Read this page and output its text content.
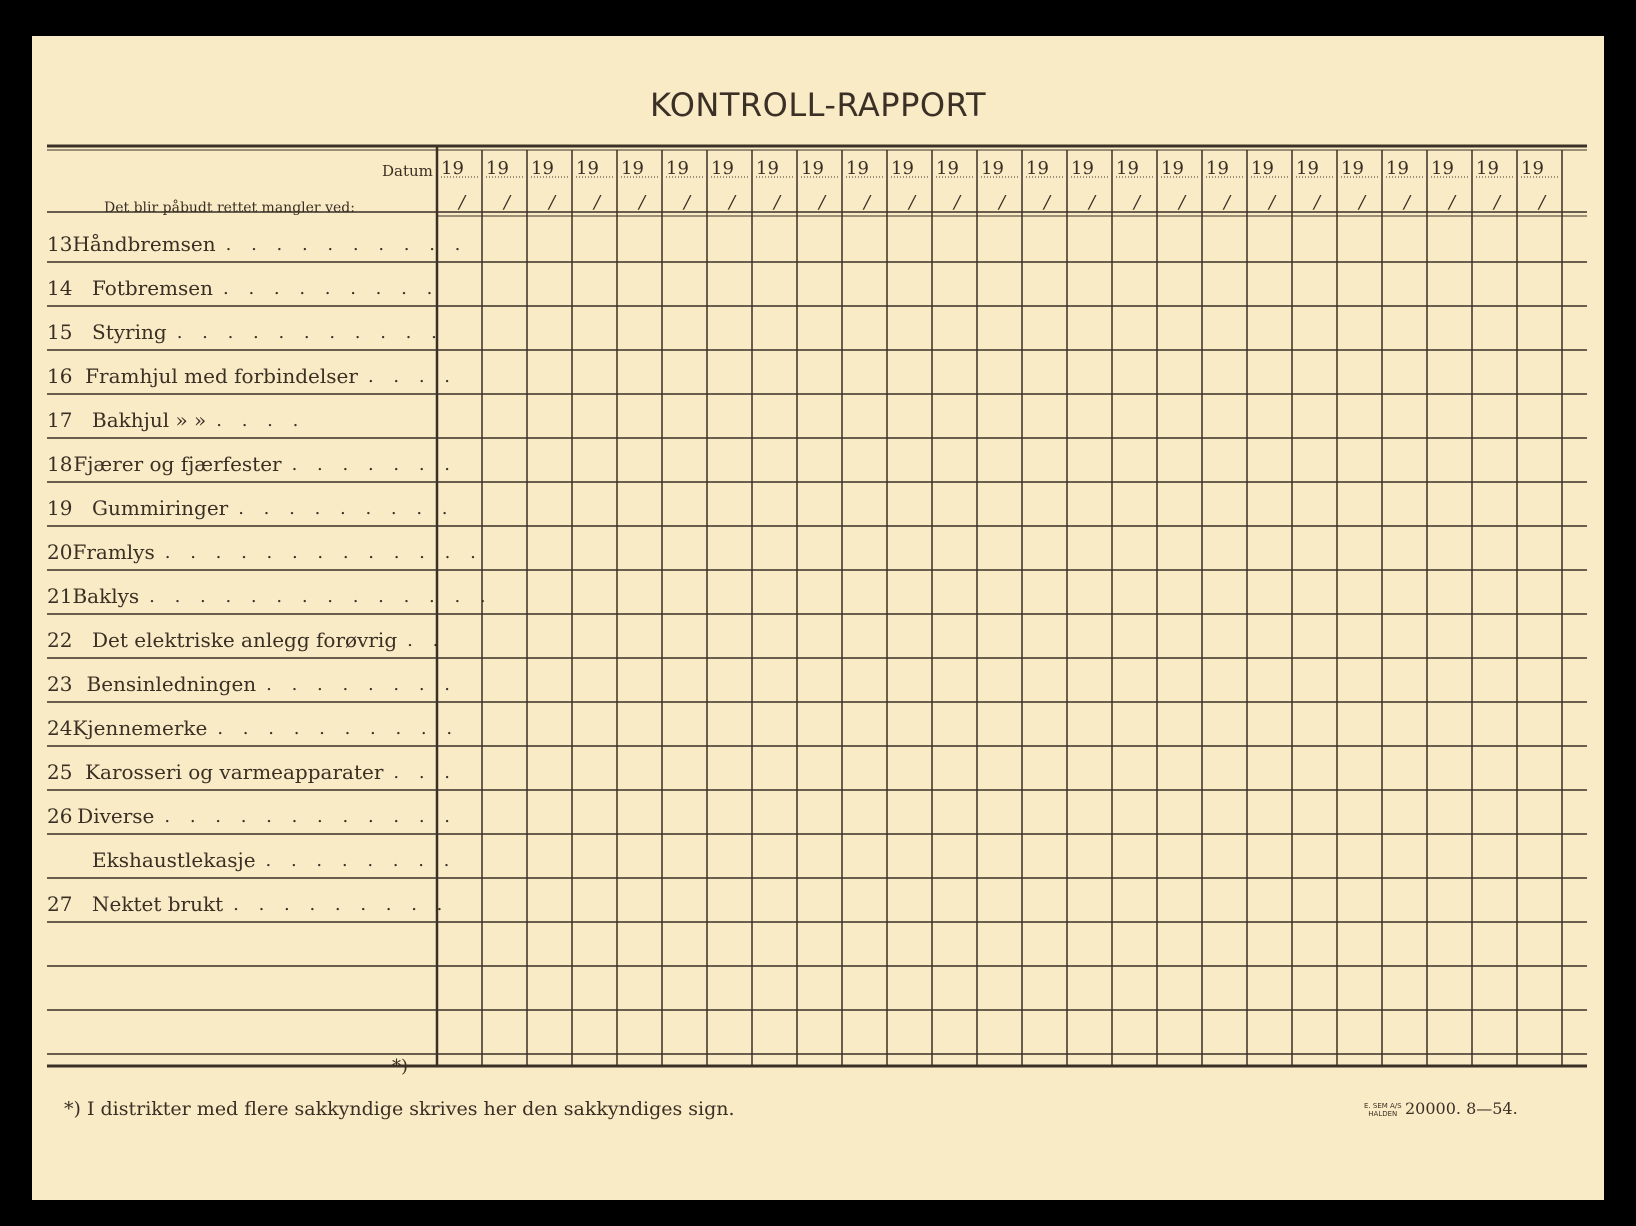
KONTROLL-RAPPORT
Datum
Det blir påbudt rettet mangler ved:
13 Håndbremsen . . . . . . . . . .
14 Fotbremsen . . . . . . . . .
15 Styring . . . . . . . . . . .
16 Framhjul med forbindelser . . . .
17 Bakhjul » » . . . .
18 Fjærer og fjærfester . . . . . . .
19 Gummiringer . . . . . . . . .
20 Framlys . . . . . . . . . . . . .
21 Baklys . . . . . . . . . . . . . .
22 Det elektriske anlegg forøvrig . .
23 Bensinledningen . . . . . . . .
24 Kjennemerke . . . . . . . . . .
25 Karosseri og varmeapparater . . .
26 Diverse . . . . . . . . . . . .
Ekshaustlekasje . . . . . . . .
27 Nektet brukt . . . . . . . . .
19
/
19
/
19
/
19
/
19
/
19
/
19
/
19
/
19
/
19
/
19
/
19
/
19
/
19
/
19
/
19
/
19
/
19
/
19
/
19
/
19
/
19
/
19
/
19
/
19
/
*)
*) I distrikter med flere sakkyndige skrives her den sakkyndiges sign.	E. SEM A/S
HALDEN 20000. 8—54.
